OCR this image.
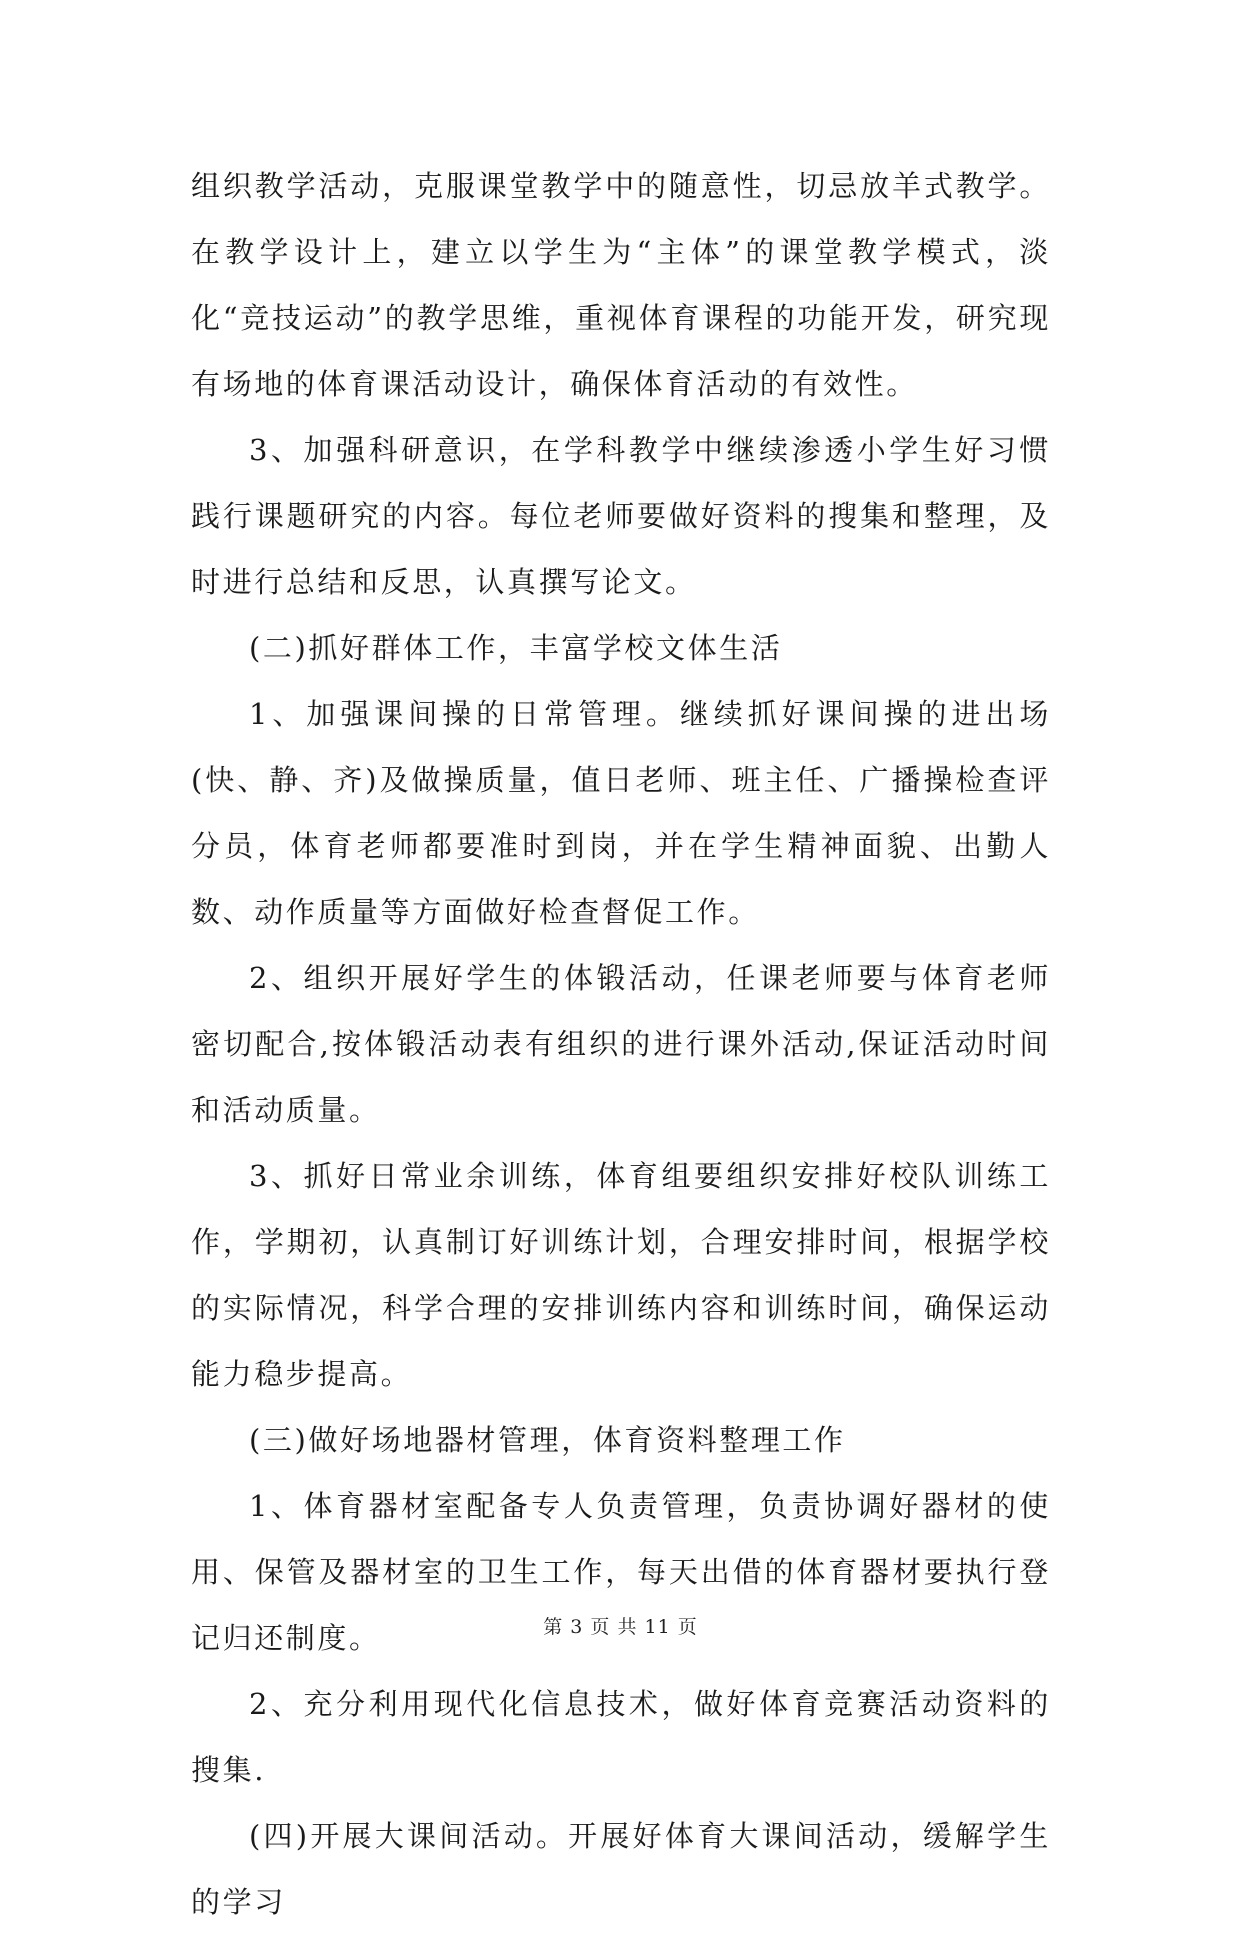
组织教学活动，克服课堂教学中的随意性，切忌放羊式教学。在教学设计上，建立以学生为“主体”的课堂教学模式，淡化“竞技运动”的教学思维，重视体育课程的功能开发，研究现有场地的体育课活动设计，确保体育活动的有效性。

3、加强科研意识，在学科教学中继续渗透小学生好习惯践行课题研究的内容。每位老师要做好资料的搜集和整理，及时进行总结和反思，认真撰写论文。

(二)抓好群体工作，丰富学校文体生活

1、加强课间操的日常管理。继续抓好课间操的进出场(快、静、齐)及做操质量，值日老师、班主任、广播操检查评分员，体育老师都要准时到岗，并在学生精神面貌、出勤人数、动作质量等方面做好检查督促工作。

2、组织开展好学生的体锻活动，任课老师要与体育老师密切配合,按体锻活动表有组织的进行课外活动,保证活动时间和活动质量。

3、抓好日常业余训练，体育组要组织安排好校队训练工作，学期初，认真制订好训练计划，合理安排时间，根据学校的实际情况，科学合理的安排训练内容和训练时间，确保运动能力稳步提高。

(三)做好场地器材管理，体育资料整理工作

1、体育器材室配备专人负责管理，负责协调好器材的使用、保管及器材室的卫生工作，每天出借的体育器材要执行登记归还制度。

2、充分利用现代化信息技术，做好体育竞赛活动资料的搜集.

(四)开展大课间活动。开展好体育大课间活动，缓解学生的学习

第 3 页 共 11 页
